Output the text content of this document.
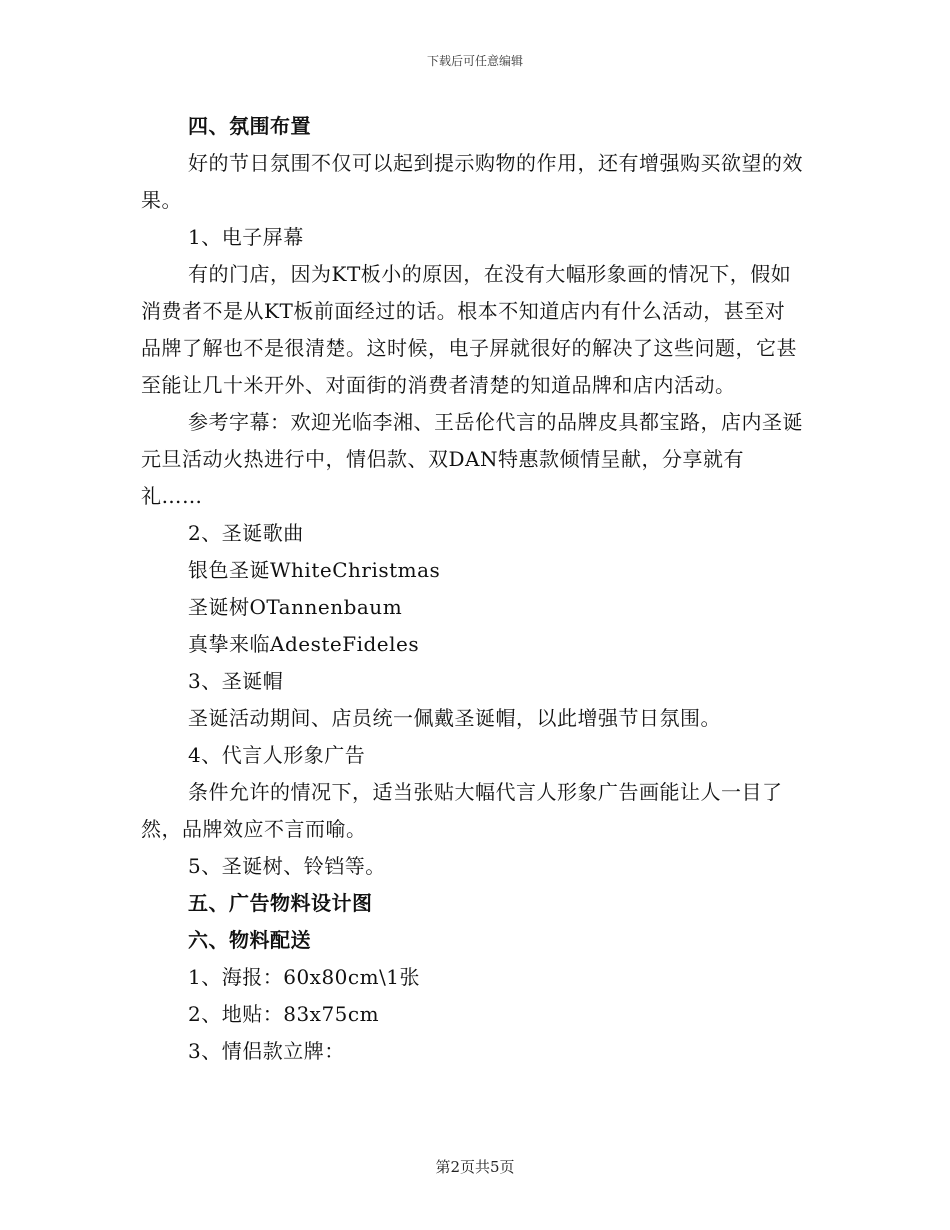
下载后可任意编辑

四、氛围布置

好的节日氛围不仅可以起到提示购物的作用，还有增强购买欲望的效果。

1、电子屏幕

有的门店，因为KT板小的原因，在没有大幅形象画的情况下，假如消费者不是从KT板前面经过的话。根本不知道店内有什么活动，甚至对品牌了解也不是很清楚。这时候，电子屏就很好的解决了这些问题，它甚至能让几十米开外、对面街的消费者清楚的知道品牌和店内活动。

参考字幕：欢迎光临李湘、王岳伦代言的品牌皮具都宝路，店内圣诞元旦活动火热进行中，情侣款、双DAN特惠款倾情呈献，分享就有礼……

2、圣诞歌曲

银色圣诞WhiteChristmas

圣诞树OTannenbaum

真挚来临AdesteFideles

3、圣诞帽

圣诞活动期间、店员统一佩戴圣诞帽，以此增强节日氛围。

4、代言人形象广告

条件允许的情况下，适当张贴大幅代言人形象广告画能让人一目了然，品牌效应不言而喻。

5、圣诞树、铃铛等。

五、广告物料设计图

六、物料配送

1、海报：60x80cm\1张

2、地贴：83x75cm

3、情侣款立牌：

第2页共5页
